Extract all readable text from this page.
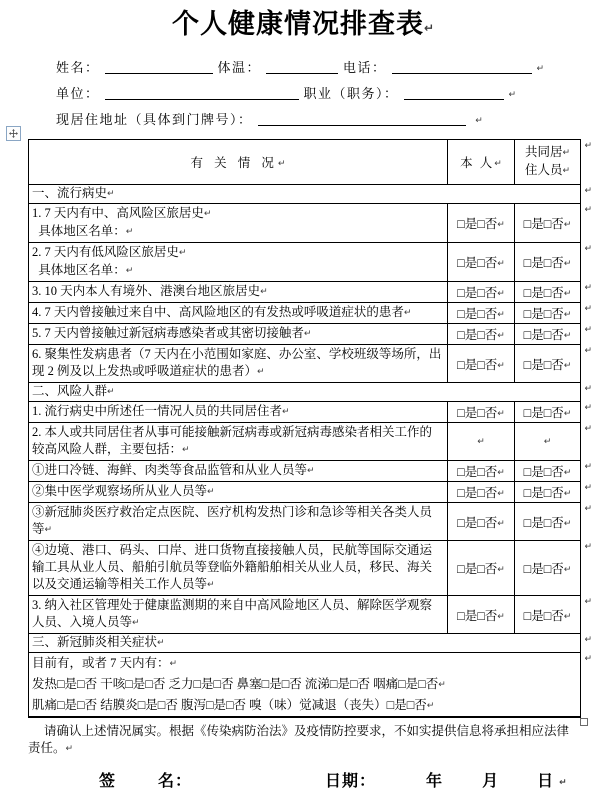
个人健康情况排查表↵
姓名：	体温：	电话：	↵
单位：	职业（职务）：	↵
现居住地址（具体到门牌号）：	↵
有 关 情 况↵	本 人↵
共同居↵
住人员↵
↵
一、流行病史↵	↵
1. 7 天内有中、高风险区旅居史↵
具体地区名单：↵
□是□否↵ □是□否↵
↵
2. 7 天内有低风险区旅居史↵
具体地区名单：↵
□是□否↵ □是□否↵
↵
3. 10 天内本人有境外、港澳台地区旅居史↵	□是□否↵ □是□否↵
↵
4. 7 天内曾接触过来自中、高风险地区的有发热或呼吸道症状的患者↵	□是□否↵ □是□否↵
↵
5. 7 天内曾接触过新冠病毒感染者或其密切接触者↵	□是□否↵ □是□否↵
↵
6. 聚集性发病患者（7 天内在小范围如家庭、办公室、学校班级等场所，出现 2 例及以上发热或呼吸道症状的患者）↵
□是□否↵ □是□否↵
↵
二、风险人群↵	↵
1. 流行病史中所述任一情况人员的共同居住者↵	□是□否↵ □是□否↵
↵
2. 本人或共同居住者从事可能接触新冠病毒或新冠病毒感染者相关工作的较高风险人群，主要包括：↵
↵	↵
↵
①进口冷链、海鲜、肉类等食品监管和从业人员等↵	□是□否↵ □是□否↵
↵
②集中医学观察场所从业人员等↵	□是□否↵ □是□否↵
↵
③新冠肺炎医疗救治定点医院、医疗机构发热门诊和急诊等相关各类人员等↵
□是□否↵ □是□否↵
↵
④边境、港口、码头、口岸、进口货物直接接触人员，民航等国际交通运输工具从业人员、船舶引航员等登临外籍船舶相关从业人员，移民、海关以及交通运输等相关工作人员等↵
□是□否↵ □是□否↵
↵
3. 纳入社区管理处于健康监测期的来自中高风险地区人员、解除医学观察人员、入境人员等↵
□是□否↵ □是□否↵
↵
三、新冠肺炎相关症状↵	↵
目前有，或者 7 天内有：↵
发热□是□否 干咳□是□否 乏力□是□否 鼻塞□是□否 流涕□是□否 咽痛□是□否↵
肌痛□是□否 结膜炎□是□否 腹泻□是□否 嗅（味）觉减退（丧失）□是□否↵
↵
请确认上述情况属实。根据《传染病防治法》及疫情防控要求，不如实提供信息将承担相应法律责任。↵
签	名：	日期：	年 月 日 ↵
